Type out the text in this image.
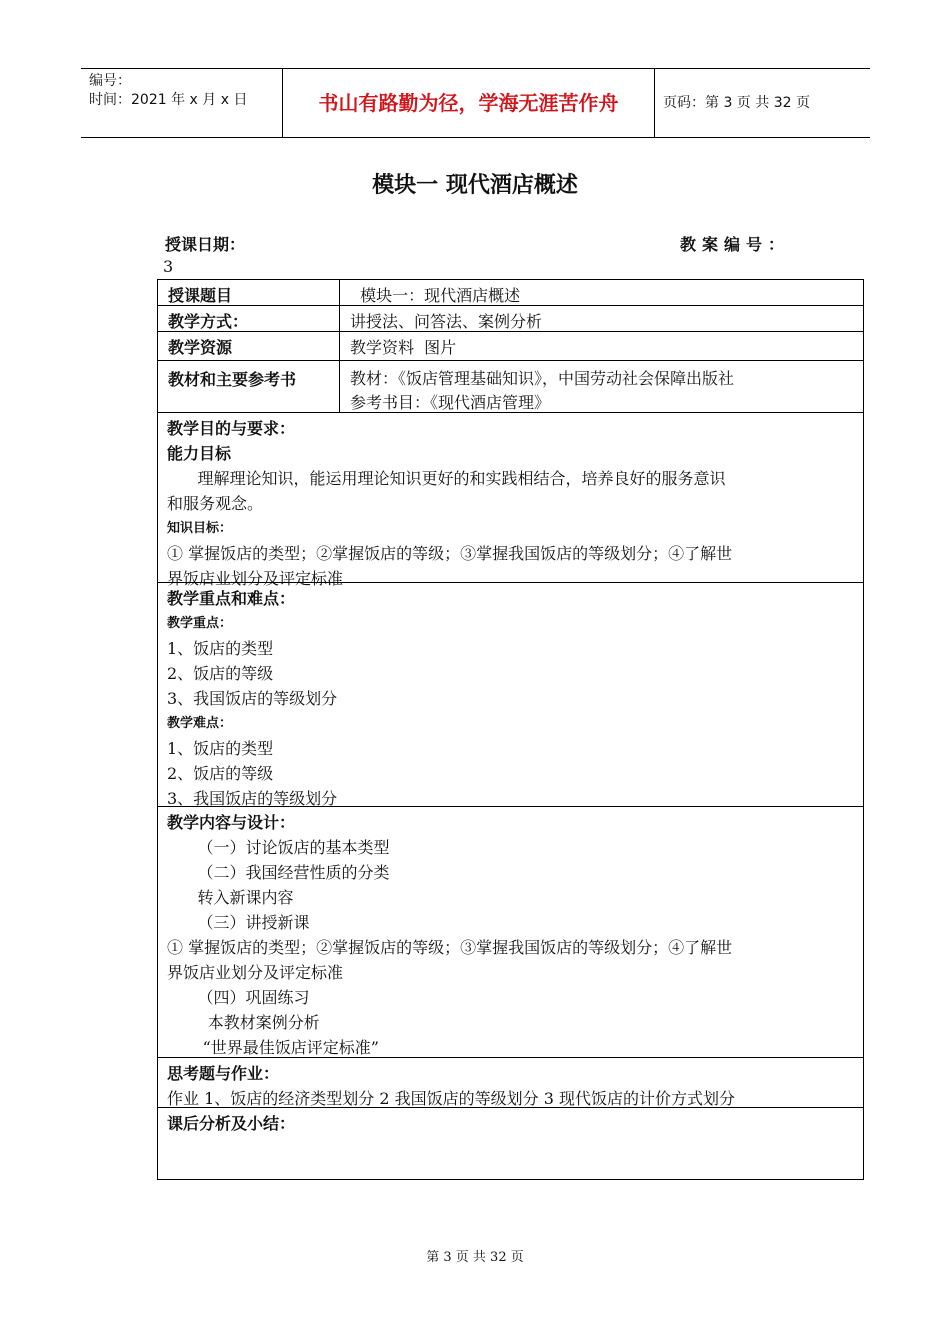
编号：
时间：2021 年 x 月 x 日	书山有路勤为径，学海无涯苦作舟	页码：第 3 页 共 32 页
模块一 现代酒店概述
授课日期：	教案编号：
3
授课题目	模块一：现代酒店概述
教学方式：	讲授法、问答法、案例分析
教学资源	教学资料  图片
教材和主要参考书	教材：《饭店管理基础知识》，中国劳动社会保障出版社
参考书目：《现代酒店管理》
教学目的与要求：
能力目标
理解理论知识，能运用理论知识更好的和实践相结合，培养良好的服务意识
和服务观念。
知识目标：
① 掌握饭店的类型；②掌握饭店的等级；③掌握我国饭店的等级划分；④了解世
界饭店业划分及评定标准
教学重点和难点：
教学重点：
1、饭店的类型
2、饭店的等级
3、我国饭店的等级划分
教学难点：
1、饭店的类型
2、饭店的等级
3、我国饭店的等级划分
教学内容与设计：
（一）讨论饭店的基本类型
（二）我国经营性质的分类
转入新课内容
（三）讲授新课
① 掌握饭店的类型；②掌握饭店的等级；③掌握我国饭店的等级划分；④了解世
界饭店业划分及评定标准
（四）巩固练习
本教材案例分析
“世界最佳饭店评定标准”
思考题与作业：
作业 1、饭店的经济类型划分 2 我国饭店的等级划分 3 现代饭店的计价方式划分
课后分析及小结：
第 3 页 共 32 页
